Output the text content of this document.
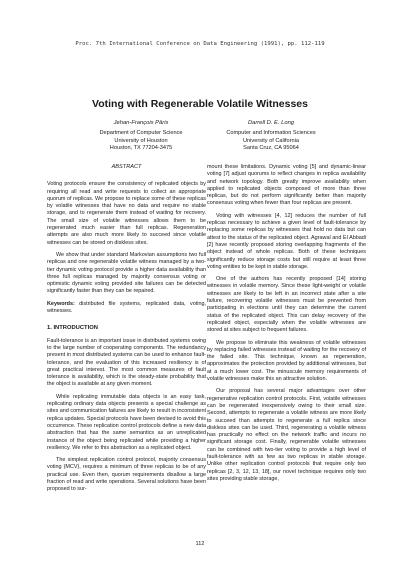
Proc. 7th International Conference on Data Engineering (1991), pp. 112-119
Voting with Regenerable Volatile Witnesses
Jehan-François Pâris
Department of Computer Science
University of Houston
Houston, TX 77204-3475
Darrell D. E. Long
Computer and Information Sciences
University of California
Santa Cruz, CA 95064
ABSTRACT

Voting protocols ensure the consistency of replicated objects by requiring all read and write requests to collect an appropriate quorum of replicas. We propose to replace some of these replicas by volatile witnesses that have no data and require no stable storage, and to regenerate them instead of waiting for recovery. The small size of volatile witnesses allows them to be regenerated much easier than full replicas. Regeneration attempts are also much more likely to succeed since volatile witnesses can be stored on diskless sites.

We show that under standard Markovian assumptions two full replicas and one regenerable volatile witness managed by a two-tier dynamic voting protocol provide a higher data availability than three full replicas managed by majority consensus voting or optimistic dynamic voting provided site failures can be detected significantly faster than they can be repaired.

Keywords: distributed file systems, replicated data, voting, witnesses.

1. INTRODUCTION

Fault-tolerance is an important issue in distributed systems owing to the large number of cooperating components. The redundancy present in most distributed systems can be used to enhance fault-tolerance, and the evaluation of this increased resiliency is of great practical interest. The most common measures of fault tolerance is availability, which is the steady-state probability that the object is available at any given moment.

While replicating immutable data objects is an easy task, replicating ordinary data objects presents a special challenge as sites and communication failures are likely to result in inconsistent replica updates. Special protocols have been devised to avoid this occurrence. These replication control protocols define a new data abstraction that has the same semantics as an unreplicated instance of the object being replicated while providing a higher resiliency. We refer to this abstraction as a replicated object.

The simplest replication control protocol, majority consensus voting (MCV), requires a minimum of three replicas to be of any practical use. Even then, quorum requirements disallow a large fraction of read and write operations. Several solutions have been proposed to sur-

mount these limitations. Dynamic voting [5] and dynamic-linear voting [7] adjust quorums to reflect changes in replica availability and network topology. Both greatly improve availability when applied to replicated objects composed of more than three replicas, but do not perform significantly better than majority consensus voting when fewer than four replicas are present.

Voting with witnesses [4, 12] reduces the number of full replicas necessary to achieve a given level of fault-tolerance by replacing some replicas by witnesses that hold no data but can attest to the status of the replicated object. Agrawal and El Abbadi [2] have recently proposed storing overlapping fragments of the object instead of whole replicas. Both of these techniques significantly reduce storage costs but still require at least three voting entities to be kept in stable storage.

One of the authors has recently proposed [14] storing witnesses in volatile memory. Since these light-weight or volatile witnesses are likely to be left in an incorrect state after a site failure, recovering volatile witnesses must be prevented from participating in elections until they can determine the current status of the replicated object. This can delay recovery of the replicated object, especially when the volatile witnesses are stored at sites subject to frequent failures.

We propose to eliminate this weakness of volatile witnesses by replacing failed witnesses instead of waiting for the recovery of the failed site. This technique, known as regeneration, approximates the protection provided by additional witnesses, but at a much lower cost. The minuscule memory requirements of volatile witnesses make this an attractive solution.

Our proposal has several major advantages over other regenerative replication control protocols. First, volatile witnesses can be regenerated inexpensively owing to their small size. Second, attempts to regenerate a volatile witness are more likely to succeed than attempts to regenerate a full replica since diskless sites can be used. Third, regenerating a volatile witness has practically no effect on the network traffic and incurs no significant storage cost. Finally, regenerable volatile witnesses can be combined with two-tier voting to provide a high level of fault-tolerance with as few as two replicas in stable storage. Unlike other replication control protocols that require only two replicas [2, 3, 12, 13, 18], our novel technique requires only two sites providing stable storage,

112
